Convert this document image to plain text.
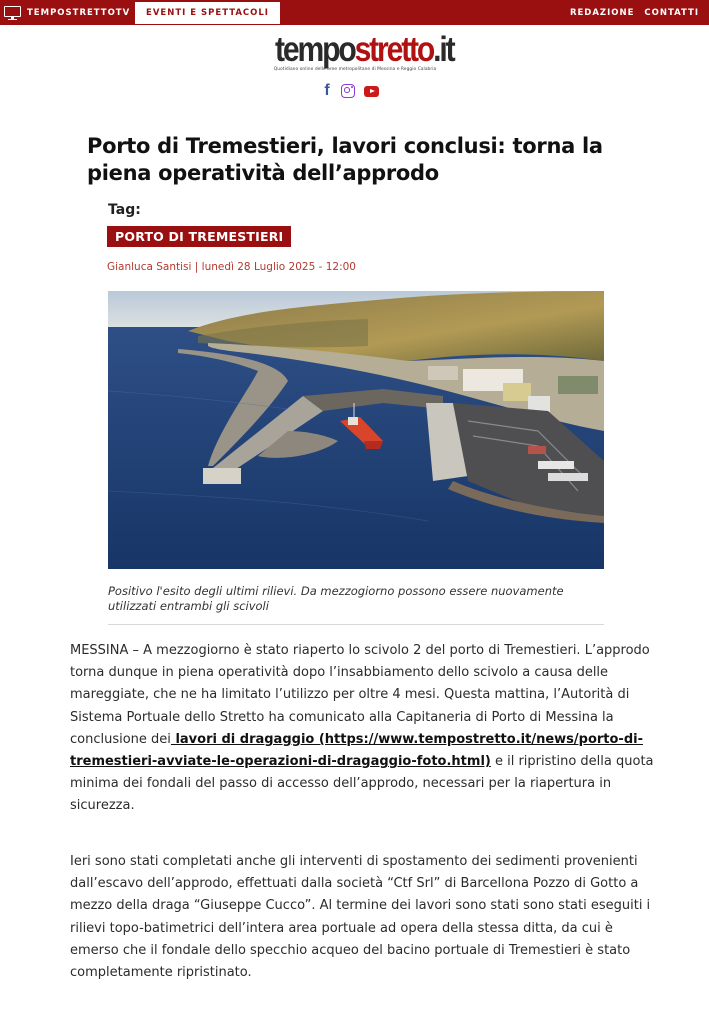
TEMPOSTRETTOTV	EVENTI E SPETTACOLI	REDAZIONE CONTATTI
tempostretto.it
Quotidiano online delle aree metropolitane di Messina e Reggio Calabria
f
Porto di Tremestieri, lavori conclusi: torna la piena operatività dell’approdo
Tag:
PORTO DI TREMESTIERI
Gianluca Santisi | lunedì 28 Luglio 2025 - 12:00
Positivo l'esito degli ultimi rilievi. Da mezzogiorno possono essere nuovamente utilizzati entrambi gli scivoli

MESSINA – A mezzogiorno è stato riaperto lo scivolo 2 del porto di Tremestieri. L’approdo torna dunque in piena operatività dopo l’insabbiamento dello scivolo a causa delle mareggiate, che ne ha limitato l’utilizzo per oltre 4 mesi. Questa mattina, l’Autorità di Sistema Portuale dello Stretto ha comunicato alla Capitaneria di Porto di Messina la conclusione dei lavori di dragaggio (https://www.tempostretto.it/news/porto-di-tremestieri-avviate-le-operazioni-di-dragaggio-foto.html) e il ripristino della quota minima dei fondali del passo di accesso dell’approdo, necessari per la riapertura in sicurezza.

Ieri sono stati completati anche gli interventi di spostamento dei sedimenti provenienti dall’escavo dell’approdo, effettuati dalla società “Ctf Srl” di Barcellona Pozzo di Gotto a mezzo della draga “Giuseppe Cucco”. Al termine dei lavori sono stati sono stati eseguiti i rilievi topo-batimetrici dell’intera area portuale ad opera della stessa ditta, da cui è emerso che il fondale dello specchio acqueo del bacino portuale di Tremestieri è stato completamente ripristinato.
